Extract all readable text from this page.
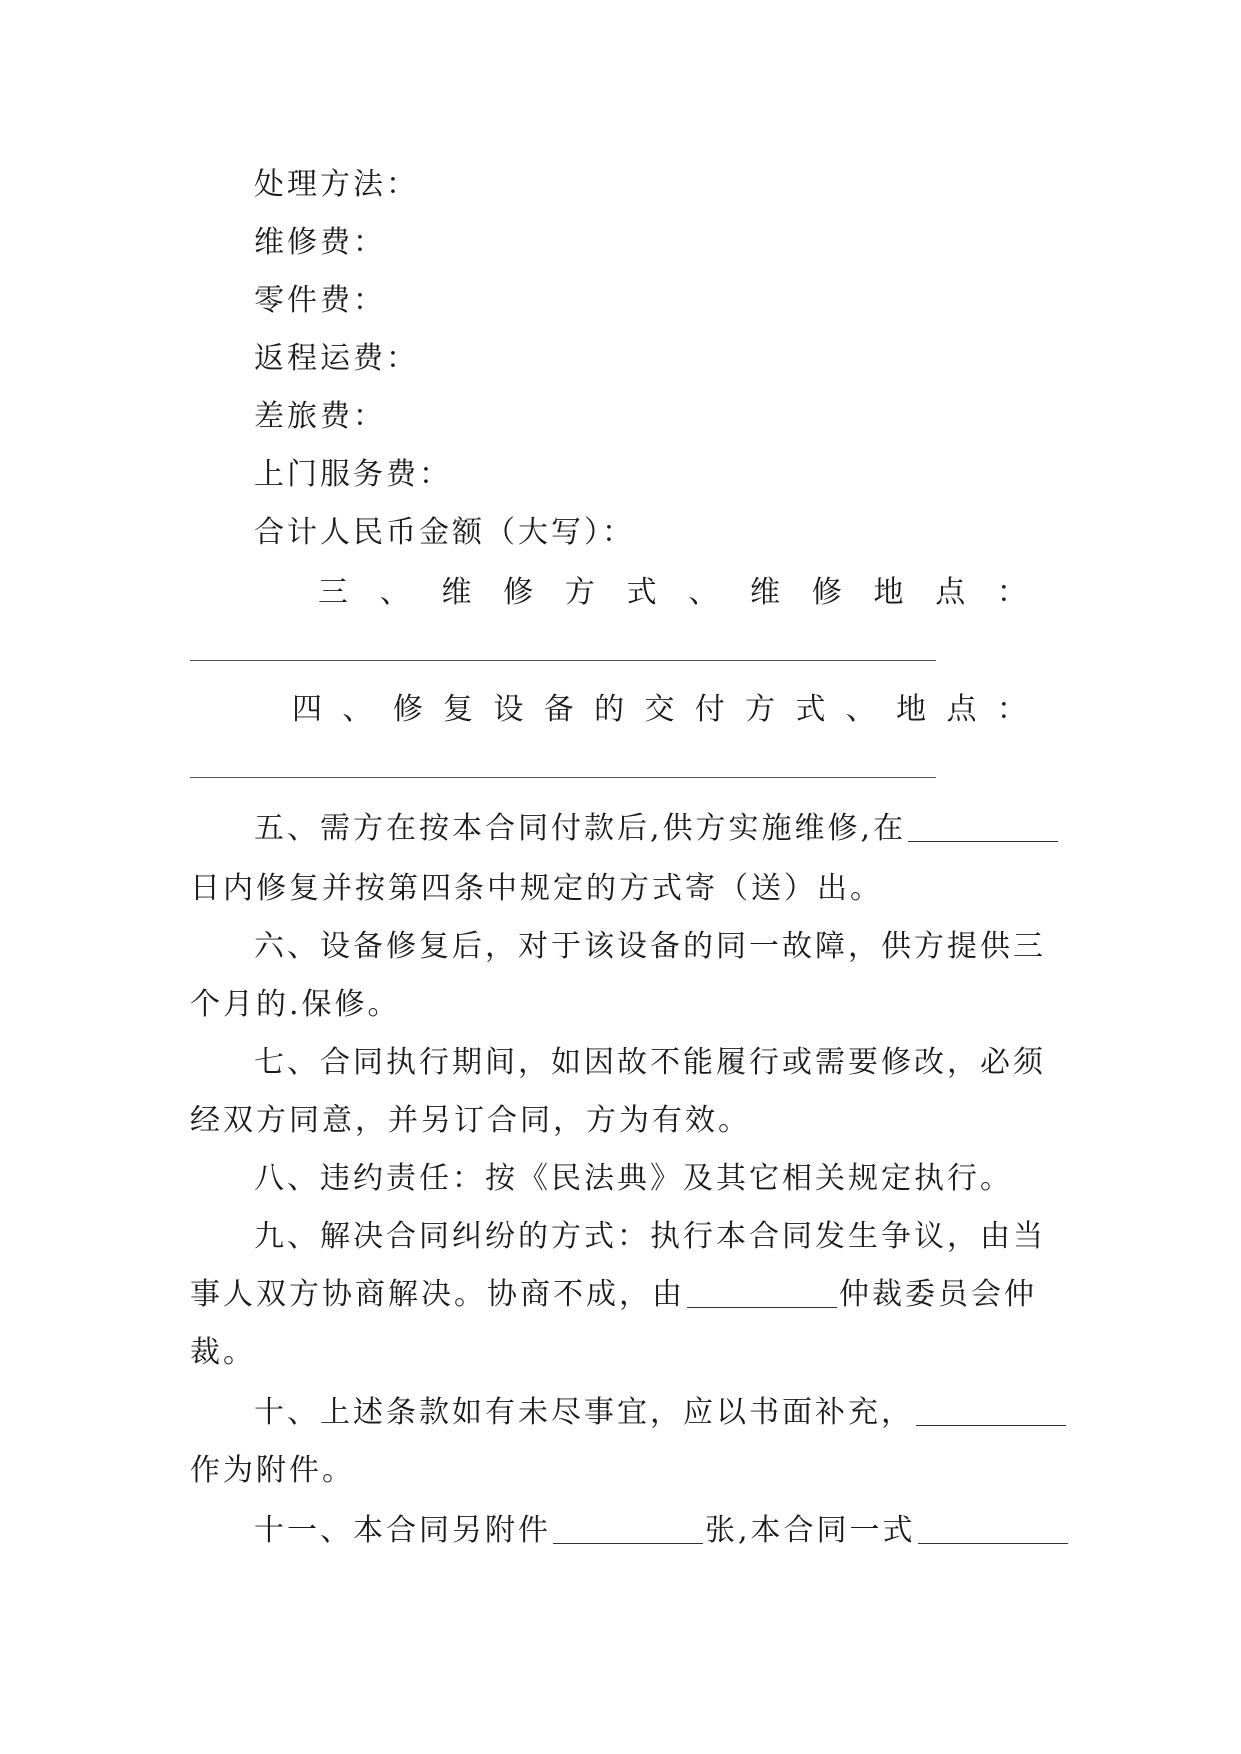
处理方法：
维修费：
零件费：
返程运费：
差旅费：
上门服务费：
合计人民币金额（大写）：
三 、 维 修 方 式 、 维 修 地 点 ：
四 、 修 复 设 备 的 交 付 方 式 、 地 点 ：
五、需方在按本合同付款后,供方实施维修,在
日内修复并按第四条中规定的方式寄（送）出。
六、设备修复后，对于该设备的同一故障，供方提供三
个月的.保修。
七、合同执行期间，如因故不能履行或需要修改，必须
经双方同意，并另订合同，方为有效。
八、违约责任：按《民法典》及其它相关规定执行。
九、解决合同纠纷的方式：执行本合同发生争议，由当
事人双方协商解决。协商不成，由	仲裁委员会仲
裁。
十、上述条款如有未尽事宜，应以书面补充，
作为附件。
十一、本合同另附件	张,本合同一式
